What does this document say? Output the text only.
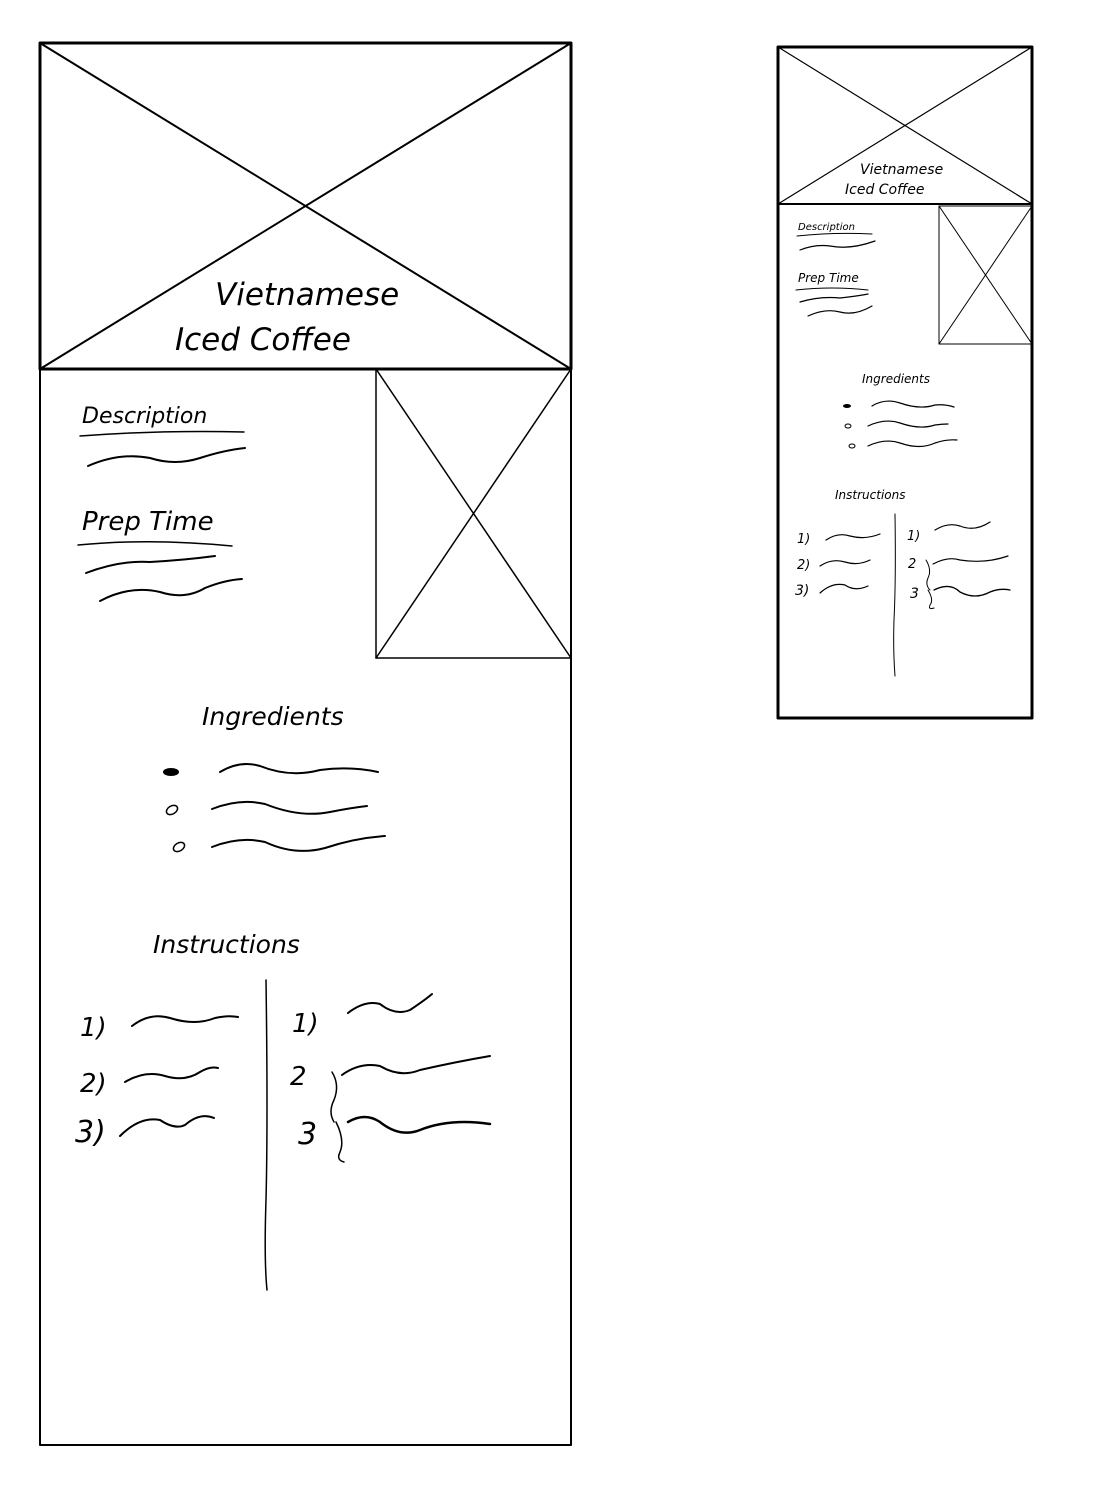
Vietnamese
Iced Coffee
Description
Prep Time
Ingredients
Instructions
1)
2)
3)
1)
2
3
Vietnamese
Iced Coffee
Description
Prep Time
Ingredients
Instructions
1)
2)
3)
1)
2
3
